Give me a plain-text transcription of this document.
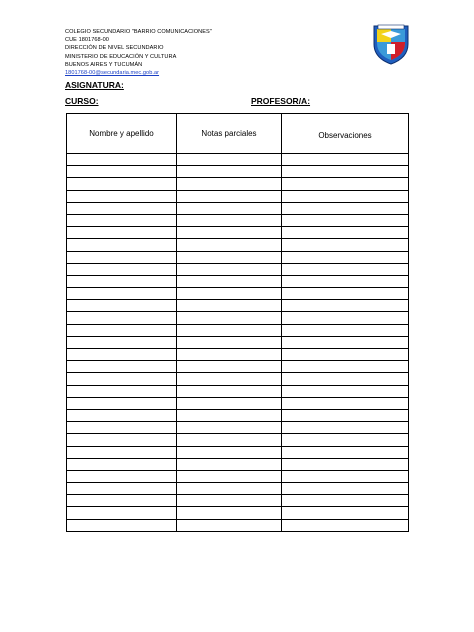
COLEGIO SECUNDARIO "BARRIO COMUNICACIONES"
CUE 1801768-00
DIRECCIÓN DE NIVEL SECUNDARIO
MINISTERIO DE EDUCACIÓN Y CULTURA
BUENOS AIRES Y TUCUMÁN
1801768-00@secundaria.mec.gob.ar
ASIGNATURA:
CURSO:	PROFESOR/A:
Nombre y apellido	Notas parciales	Observaciones
